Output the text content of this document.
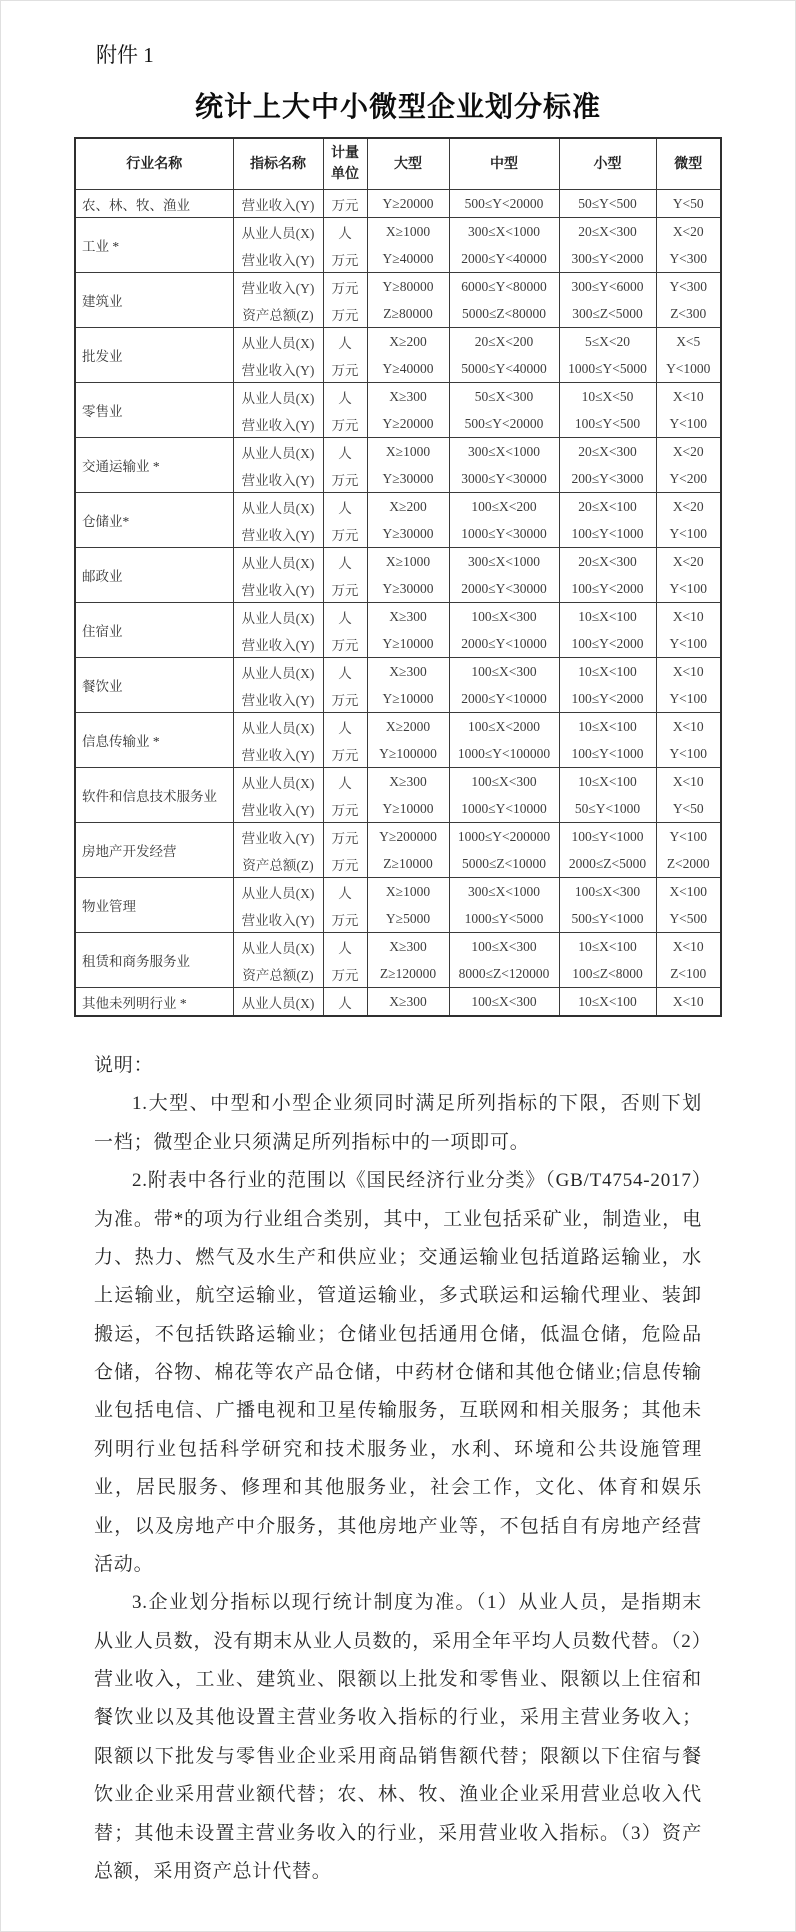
附件 1
统计上大中小微型企业划分标准
行业名称	指标名称	计量单位	大型	中型	小型	微型
农、林、牧、渔业	营业收入(Y)	万元	Y≥20000	500≤Y<20000	50≤Y<500	Y<50
工业 *	从业人员(X)	人	X≥1000	300≤X<1000	20≤X<300	X<20
	营业收入(Y)	万元	Y≥40000	2000≤Y<40000	300≤Y<2000	Y<300
建筑业	营业收入(Y)	万元	Y≥80000	6000≤Y<80000	300≤Y<6000	Y<300
	资产总额(Z)	万元	Z≥80000	5000≤Z<80000	300≤Z<5000	Z<300
批发业	从业人员(X)	人	X≥200	20≤X<200	5≤X<20	X<5
	营业收入(Y)	万元	Y≥40000	5000≤Y<40000	1000≤Y<5000	Y<1000
零售业	从业人员(X)	人	X≥300	50≤X<300	10≤X<50	X<10
	营业收入(Y)	万元	Y≥20000	500≤Y<20000	100≤Y<500	Y<100
交通运输业 *	从业人员(X)	人	X≥1000	300≤X<1000	20≤X<300	X<20
	营业收入(Y)	万元	Y≥30000	3000≤Y<30000	200≤Y<3000	Y<200
仓储业*	从业人员(X)	人	X≥200	100≤X<200	20≤X<100	X<20
	营业收入(Y)	万元	Y≥30000	1000≤Y<30000	100≤Y<1000	Y<100
邮政业	从业人员(X)	人	X≥1000	300≤X<1000	20≤X<300	X<20
	营业收入(Y)	万元	Y≥30000	2000≤Y<30000	100≤Y<2000	Y<100
住宿业	从业人员(X)	人	X≥300	100≤X<300	10≤X<100	X<10
	营业收入(Y)	万元	Y≥10000	2000≤Y<10000	100≤Y<2000	Y<100
餐饮业	从业人员(X)	人	X≥300	100≤X<300	10≤X<100	X<10
	营业收入(Y)	万元	Y≥10000	2000≤Y<10000	100≤Y<2000	Y<100
信息传输业 *	从业人员(X)	人	X≥2000	100≤X<2000	10≤X<100	X<10
	营业收入(Y)	万元	Y≥100000	1000≤Y<100000	100≤Y<1000	Y<100
软件和信息技术服务业	从业人员(X)	人	X≥300	100≤X<300	10≤X<100	X<10
	营业收入(Y)	万元	Y≥10000	1000≤Y<10000	50≤Y<1000	Y<50
房地产开发经营	营业收入(Y)	万元	Y≥200000	1000≤Y<200000	100≤Y<1000	Y<100
	资产总额(Z)	万元	Z≥10000	5000≤Z<10000	2000≤Z<5000	Z<2000
物业管理	从业人员(X)	人	X≥1000	300≤X<1000	100≤X<300	X<100
	营业收入(Y)	万元	Y≥5000	1000≤Y<5000	500≤Y<1000	Y<500
租赁和商务服务业	从业人员(X)	人	X≥300	100≤X<300	10≤X<100	X<10
	资产总额(Z)	万元	Z≥120000	8000≤Z<120000	100≤Z<8000	Z<100
其他未列明行业 *	从业人员(X)	人	X≥300	100≤X<300	10≤X<100	X<10

说明：

1.大型、中型和小型企业须同时满足所列指标的下限，否则下划一档；微型企业只须满足所列指标中的一项即可。

2.附表中各行业的范围以《国民经济行业分类》（GB/T4754-2017）为准。带*的项为行业组合类别，其中，工业包括采矿业，制造业，电力、热力、燃气及水生产和供应业；交通运输业包括道路运输业，水上运输业，航空运输业，管道运输业，多式联运和运输代理业、装卸搬运，不包括铁路运输业；仓储业包括通用仓储，低温仓储，危险品仓储，谷物、棉花等农产品仓储，中药材仓储和其他仓储业;信息传输业包括电信、广播电视和卫星传输服务，互联网和相关服务；其他未列明行业包括科学研究和技术服务业，水利、环境和公共设施管理业，居民服务、修理和其他服务业，社会工作，文化、体育和娱乐业，以及房地产中介服务，其他房地产业等，不包括自有房地产经营活动。

3.企业划分指标以现行统计制度为准。（1）从业人员，是指期末从业人员数，没有期末从业人员数的，采用全年平均人员数代替。（2）营业收入，工业、建筑业、限额以上批发和零售业、限额以上住宿和餐饮业以及其他设置主营业务收入指标的行业，采用主营业务收入；限额以下批发与零售业企业采用商品销售额代替；限额以下住宿与餐饮业企业采用营业额代替；农、林、牧、渔业企业采用营业总收入代替；其他未设置主营业务收入的行业，采用营业收入指标。（3）资产总额，采用资产总计代替。
